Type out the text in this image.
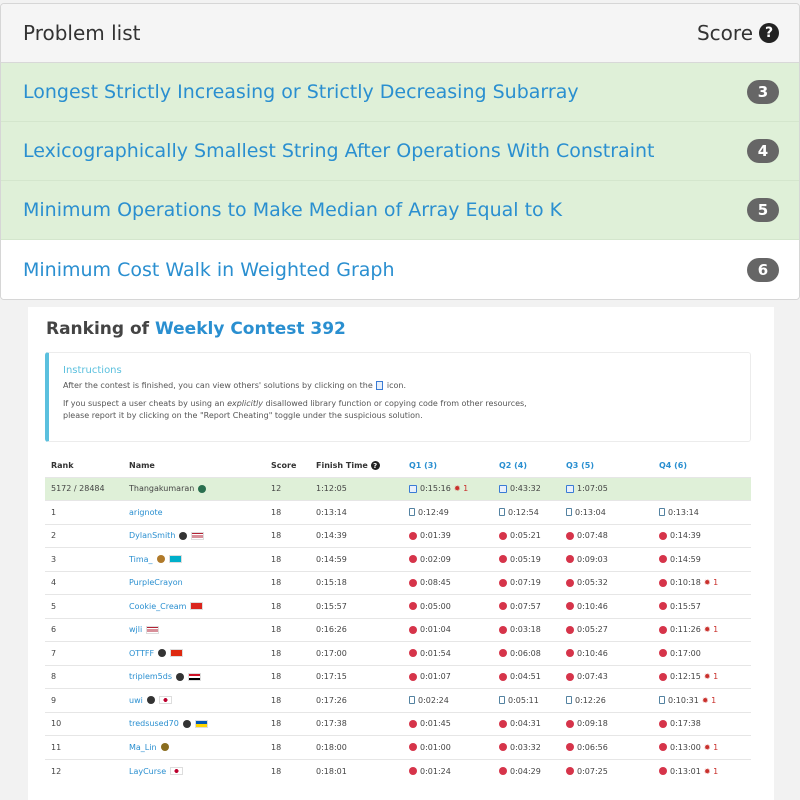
Problem list	Score ?
Longest Strictly Increasing or Strictly Decreasing Subarray	3
Lexicographically Smallest String After Operations With Constraint	4
Minimum Operations to Make Median of Array Equal to K	5
Minimum Cost Walk in Weighted Graph	6
Ranking of Weekly Contest 392
Instructions

After the contest is finished, you can view others' solutions by clicking on the icon.

If you suspect a user cheats by using an explicitly disallowed library function or copying code from other resources,
please report it by clicking on the "Report Cheating" toggle under the suspicious solution.

Rank	Name	Score	Finish Time ?	Q1 (3)	Q2 (4)	Q3 (5)	Q4 (6)
5172 / 28484	Thangakumaran	12	1:12:05	0:15:16 ✹ 1	0:43:32	1:07:05	
1	arignote	18	0:13:14	0:12:49	0:12:54	0:13:04	0:13:14
2	DylanSmith	18	0:14:39	0:01:39	0:05:21	0:07:48	0:14:39
3	Tima_	18	0:14:59	0:02:09	0:05:19	0:09:03	0:14:59
4	PurpleCrayon	18	0:15:18	0:08:45	0:07:19	0:05:32	0:10:18 ✹ 1
5	Cookie_Cream	18	0:15:57	0:05:00	0:07:57	0:10:46	0:15:57
6	wjli	18	0:16:26	0:01:04	0:03:18	0:05:27	0:11:26 ✹ 1
7	OTTFF	18	0:17:00	0:01:54	0:06:08	0:10:46	0:17:00
8	triplem5ds	18	0:17:15	0:01:07	0:04:51	0:07:43	0:12:15 ✹ 1
9	uwi	18	0:17:26	0:02:24	0:05:11	0:12:26	0:10:31 ✹ 1
10	tredsused70	18	0:17:38	0:01:45	0:04:31	0:09:18	0:17:38
11	Ma_Lin	18	0:18:00	0:01:00	0:03:32	0:06:56	0:13:00 ✹ 1
12	LayCurse	18	0:18:01	0:01:24	0:04:29	0:07:25	0:13:01 ✹ 1
